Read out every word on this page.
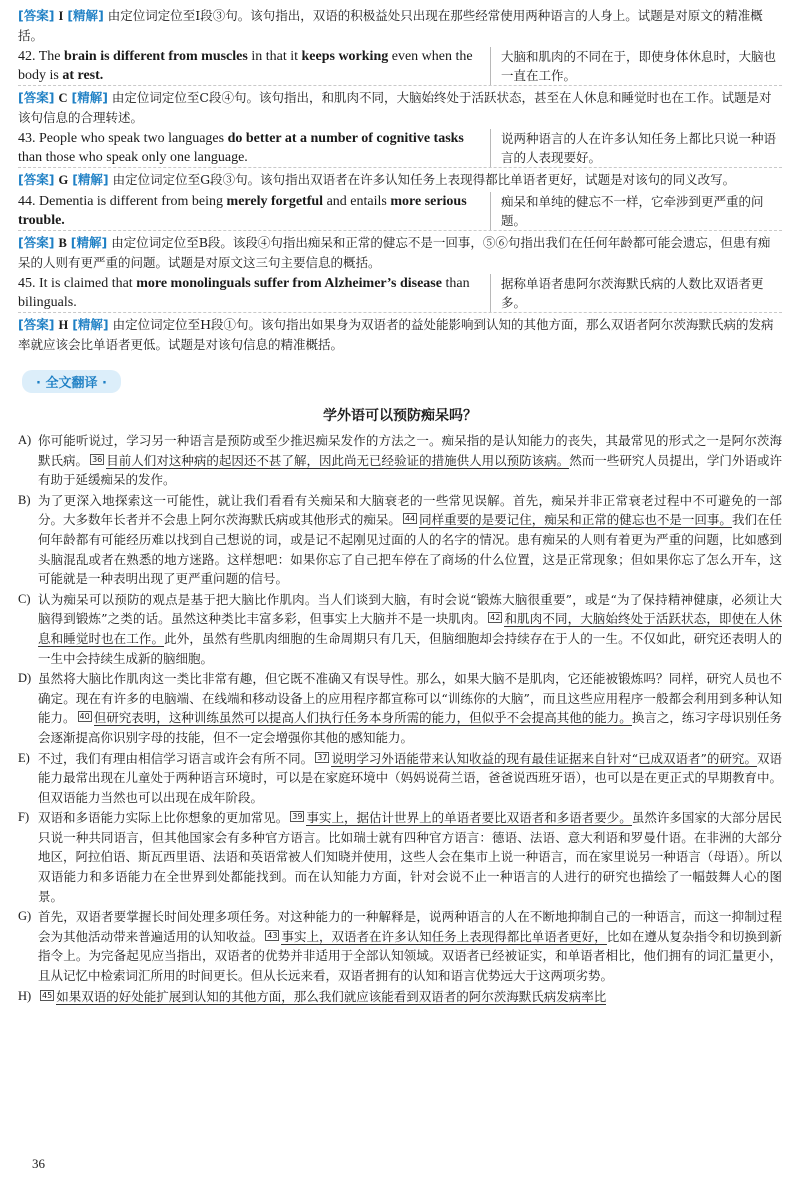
[ 答案 ] I [ 精解 ] 由定位词定位至I段③句。该句指出，双语的积极益处只出现在那些经常使用两种语言的人身上。试题是对原文的精准概括。
42. The brain is different from muscles in that it keeps working even when the body is at rest.
大脑和肌肉的不同在于，即使身体休息时，大脑也一直在工作。
[ 答案 ] C [ 精解 ] 由定位词定位至C段④句。该句指出，和肌肉不同，大脑始终处于活跃状态，甚至在人休息和睡觉时也在工作。试题是对该句信息的合理转述。
43. People who speak two languages do better at a number of cognitive tasks than those who speak only one language.
说两种语言的人在许多认知任务上都比只说一种语言的人表现要好。
[ 答案 ] G [ 精解 ] 由定位词定位至G段③句。该句指出双语者在许多认知任务上表现得都比单语者更好，试题是对该句的同义改写。
44. Dementia is different from being merely forgetful and entails more serious trouble.
痴呆和单纯的健忘不一样，它牵涉到更严重的问题。
[ 答案 ] B [ 精解 ] 由定位词定位至B段。该段④句指出痴呆和正常的健忘不是一回事，⑤⑥句指出我们在任何年龄都可能会遗忘，但患有痴呆的人则有更严重的问题。试题是对原文这三句主要信息的概括。
45. It is claimed that more monolinguals suffer from Alzheimer’s disease than bilinguals.
据称单语者患阿尔茨海默氏病的人数比双语者更多。
[ 答案 ] H [ 精解 ] 由定位词定位至H段①句。该句指出如果身为双语者的益处能影响到认知的其他方面，那么双语者阿尔茨海默氏病的发病率就应该会比单语者更低。试题是对该句信息的精准概括。
· 全文翻译 ·
学外语可以预防痴呆吗？
A) 你可能听说过，学习另一种语言是预防或至少推迟痴呆发作的方法之一。痴呆指的是认知能力的丧失，其最常见的形式之一是阿尔茨海默氏病。 36 目前人们对这种病的起因还不甚了解，因此尚无已经验证的措施供人用以预防该病。然而一些研究人员提出，学门外语或许有助于延缓痴呆的发作。
B) 为了更深入地探索这一可能性，就让我们看看有关痴呆和大脑衰老的一些常见误解。首先，痴呆并非正常衰老过程中不可避免的一部分。大多数年长者并不会患上阿尔茨海默氏病或其他形式的痴呆。 44 同样重要的是要记住，痴呆和正常的健忘也不是一回事。我们在任何年龄都有可能经历难以找到自己想说的词，或是记不起刚见过面的人的名字的情况。患有痴呆的人则有着更为严重的问题，比如感到头脑混乱或者在熟悉的地方迷路。这样想吧：如果你忘了自己把车停在了商场的什么位置，这是正常现象；但如果你忘了怎么开车，这可能就是一种表明出现了更严重问题的信号。
C) 认为痴呆可以预防的观点是基于把大脑比作肌肉。当人们谈到大脑，有时会说“锻炼大脑很重要”，或是“为了保持精神健康，必须让大脑得到锻炼”之类的话。虽然这种类比丰富多彩，但事实上大脑并不是一块肌肉。 42 和肌肉不同，大脑始终处于活跃状态，即使在人休息和睡觉时也在工作。此外，虽然有些肌肉细胞的生命周期只有几天，但脑细胞却会持续存在于人的一生。不仅如此，研究还表明人的一生中会持续生成新的脑细胞。
D) 虽然将大脑比作肌肉这一类比非常有趣，但它既不准确又有误导性。那么，如果大脑不是肌肉，它还能被锻炼吗？同样，研究人员也不确定。现在有许多的电脑端、在线端和移动设备上的应用程序都宣称可以“训练你的大脑”，而且这些应用程序一般都会利用到多种认知能力。 40 但研究表明，这种训练虽然可以提高人们执行任务本身所需的能力，但似乎不会提高其他的能力。换言之，练习字母识别任务会逐渐提高你识别字母的技能，但不一定会增强你其他的感知能力。
E) 不过，我们有理由相信学习语言或许会有所不同。 37 说明学习外语能带来认知收益的现有最佳证据来自针对“已成双语者”的研究。双语能力最常出现在儿童处于两种语言环境时，可以是在家庭环境中（妈妈说荷兰语，爸爸说西班牙语），也可以是在更正式的早期教育中。但双语能力当然也可以出现在成年阶段。
F) 双语和多语能力实际上比你想象的更加常见。 39 事实上，据估计世界上的单语者要比双语者和多语者要少。虽然许多国家的大部分居民只说一种共同语言，但其他国家会有多种官方语言。比如瑞士就有四种官方语言：德语、法语、意大利语和罗曼什语。在非洲的大部分地区，阿拉伯语、斯瓦西里语、法语和英语常被人们知晓并使用，这些人会在集市上说一种语言，而在家里说另一种语言（母语）。所以双语能力和多语能力在全世界到处都能找到。而在认知能力方面，针对会说不止一种语言的人进行的研究也描绘了一幅鼓舞人心的图景。
G) 首先，双语者要掌握长时间处理多项任务。对这种能力的一种解释是，说两种语言的人在不断地抑制自己的一种语言，而这一抑制过程会为其他活动带来普遍适用的认知收益。 43 事实上，双语者在许多认知任务上表现得都比单语者更好，比如在遵从复杂指令和切换到新指令上。为完备起见应当指出，双语者的优势并非适用于全部认知领域。双语者已经被证实，和单语者相比，他们拥有的词汇量更小，且从记忆中检索词汇所用的时间更长。但从长远来看，双语者拥有的认知和语言优势远大于这两项劣势。
H)	45 如果双语的好处能扩展到认知的其他方面，那么我们就应该能看到双语者的阿尔茨海默氏病发病率比
36
